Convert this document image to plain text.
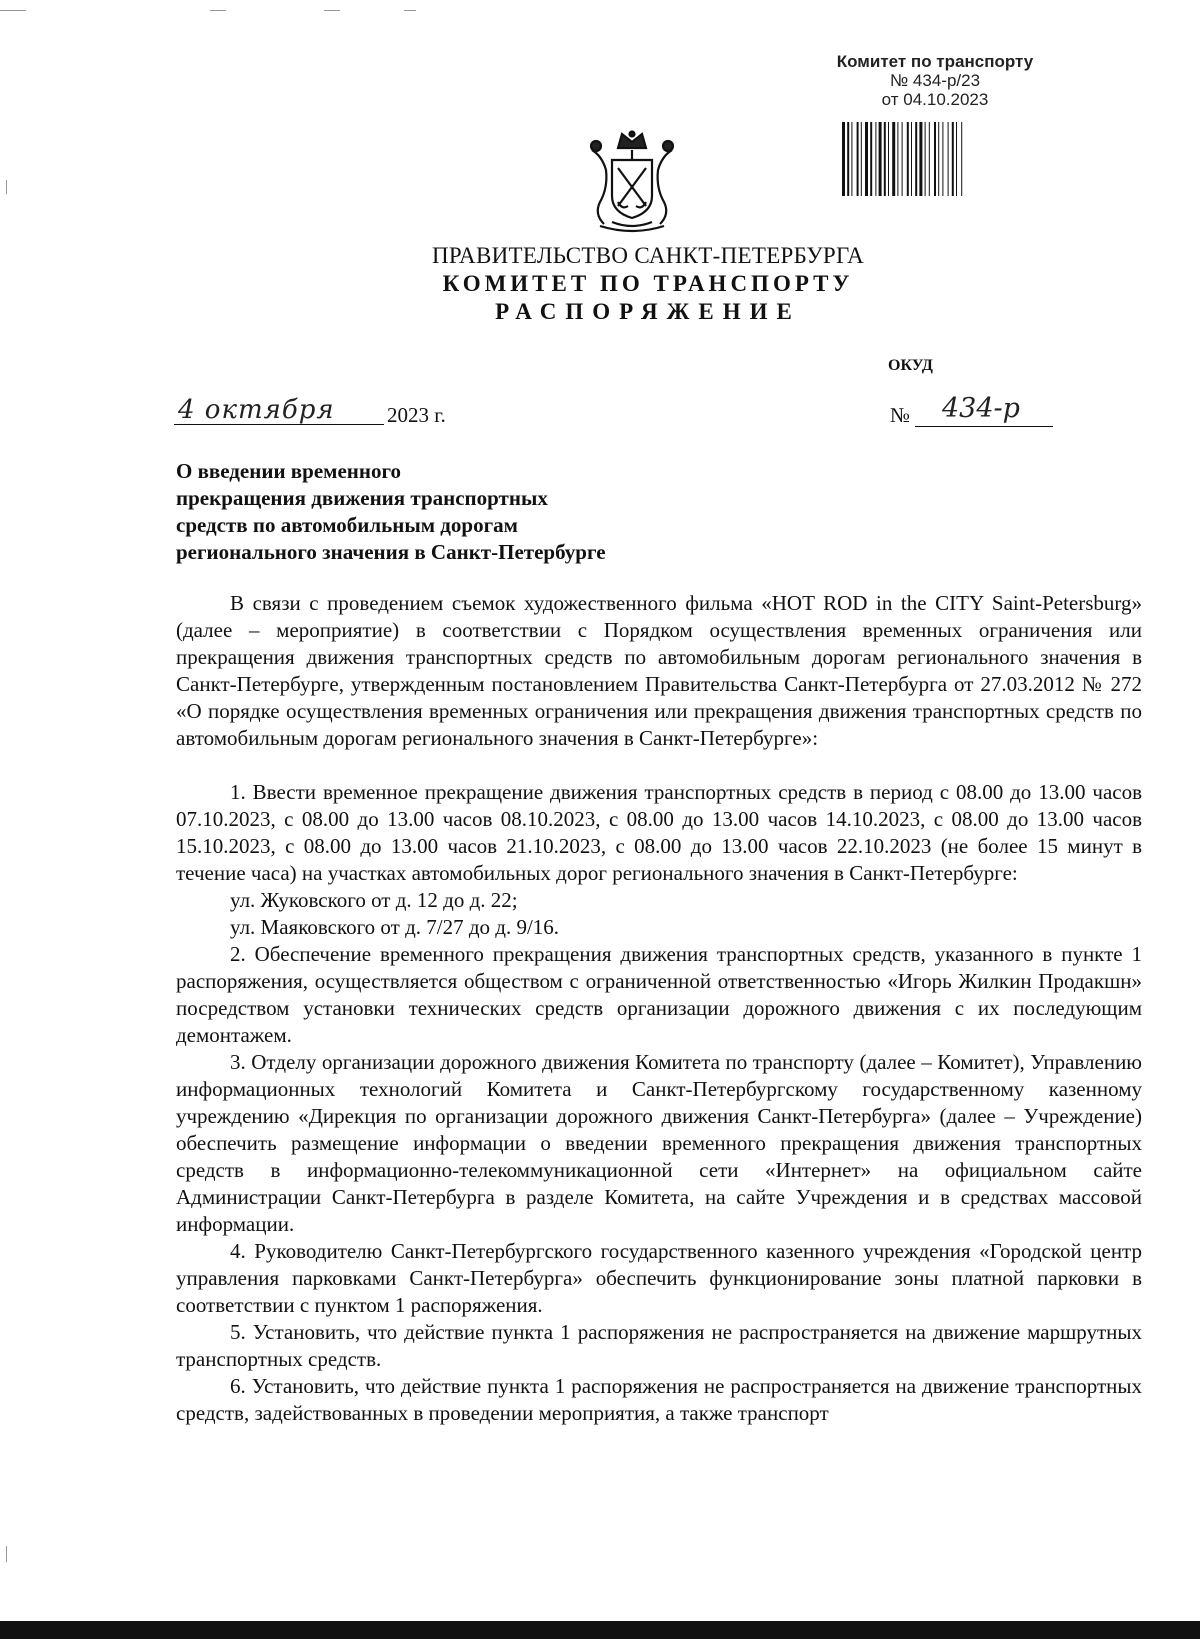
Комитет по транспорту
№ 434-р/23
от 04.10.2023
ПРАВИТЕЛЬСТВО САНКТ-ПЕТЕРБУРГА
КОМИТЕТ ПО ТРАНСПОРТУ
РАСПОРЯЖЕНИЕ
ОКУД
4 октября 2023 г.	№ 434-р
О введении временного
прекращения движения транспортных
средств по автомобильным дорогам
регионального значения в Санкт-Петербурге

В связи с проведением съемок художественного фильма «HOT ROD in the CITY Saint-Petersburg» (далее – мероприятие) в соответствии с Порядком осуществления временных ограничения или прекращения движения транспортных средств по автомобильным дорогам регионального значения в Санкт-Петербурге, утвержденным постановлением Правительства Санкт-Петербурга от 27.03.2012 № 272 «О порядке осуществления временных ограничения или прекращения движения транспортных средств по автомобильным дорогам регионального значения в Санкт-Петербурге»:

1. Ввести временное прекращение движения транспортных средств в период с 08.00 до 13.00 часов 07.10.2023, с 08.00 до 13.00 часов 08.10.2023, с 08.00 до 13.00 часов 14.10.2023, с 08.00 до 13.00 часов 15.10.2023, с 08.00 до 13.00 часов 21.10.2023, с 08.00 до 13.00 часов 22.10.2023 (не более 15 минут в течение часа) на участках автомобильных дорог регионального значения в Санкт-Петербурге:

ул. Жуковского от д. 12 до д. 22;

ул. Маяковского от д. 7/27 до д. 9/16.

2. Обеспечение временного прекращения движения транспортных средств, указанного в пункте 1 распоряжения, осуществляется обществом с ограниченной ответственностью «Игорь Жилкин Продакшн» посредством установки технических средств организации дорожного движения с их последующим демонтажем.

3. Отделу организации дорожного движения Комитета по транспорту (далее – Комитет), Управлению информационных технологий Комитета и Санкт-Петербургскому государственному казенному учреждению «Дирекция по организации дорожного движения Санкт-Петербурга» (далее – Учреждение) обеспечить размещение информации о введении временного прекращения движения транспортных средств в информационно-телекоммуникационной сети «Интернет» на официальном сайте Администрации Санкт-Петербурга в разделе Комитета, на сайте Учреждения и в средствах массовой информации.

4. Руководителю Санкт-Петербургского государственного казенного учреждения «Городской центр управления парковками Санкт-Петербурга» обеспечить функционирование зоны платной парковки в соответствии с пунктом 1 распоряжения.

5. Установить, что действие пункта 1 распоряжения не распространяется на движение маршрутных транспортных средств.

6. Установить, что действие пункта 1 распоряжения не распространяется на движение транспортных средств, задействованных в проведении мероприятия, а также транспорт
